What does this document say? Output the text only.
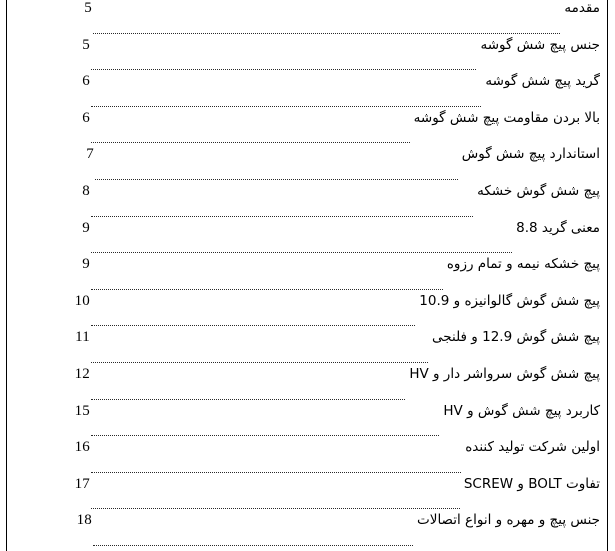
5	مقدمه
5	جنس پیچ شش گوشه
6	گرید پیچ شش گوشه
6	بالا بردن مقاومت پیچ شش گوشه
7	استاندارد پیچ شش گوش
8	پیچ شش گوش خشکه
9	معنی گرید 8.8
9	پیچ خشکه نیمه و تمام رزوه
10	پیچ شش گوش گالوانیزه و 10.9
11	پیچ شش گوش 12.9 و فلنجی
12	پیچ شش گوش سرواشر دار و HV
15	کاربرد پیچ شش گوش و HV
16	اولین شرکت تولید کننده
17	تفاوت BOLT و SCREW
18	جنس پیچ و مهره و انواع اتصالات
